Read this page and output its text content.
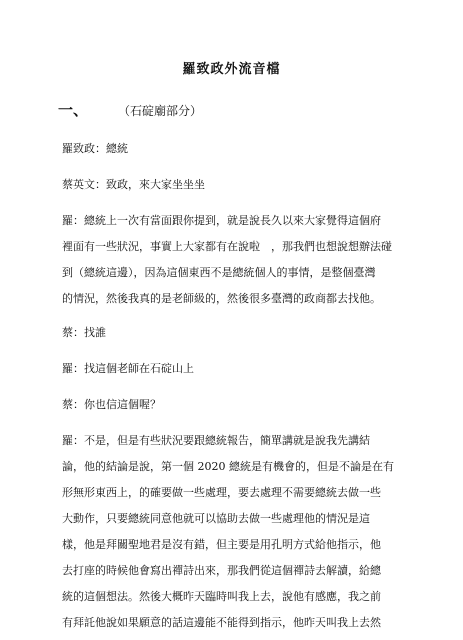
羅致政外流音檔
一、	（石碇廟部分）
羅致政：總統
蔡英文：致政，來大家坐坐坐
羅：總統上一次有當面跟你提到，就是說長久以來大家覺得這個府
裡面有一些狀況，事實上大家都有在說啦　，那我們也想說想辦法碰
到（總統這邊），因為這個東西不是總統個人的事情，是整個臺灣
的情況，然後我真的是老師級的，然後很多臺灣的政商都去找他。
蔡：找誰
羅：找這個老師在石碇山上
蔡：你也信這個喔？
羅：不是，但是有些狀況要跟總統報告，簡單講就是說我先講結
論，他的結論是說，第一個 2020 總統是有機會的，但是不論是在有
形無形東西上，的確要做一些處理，要去處理不需要總統去做一些
大動作，只要總統同意他就可以協助去做一些處理他的情況是這
樣，他是拜關聖地君是沒有錯，但主要是用孔明方式給他指示，他
去打座的時候他會寫出禪詩出來，那我們從這個禪詩去解讀，給總
統的這個想法。然後大概昨天臨時叫我上去，說他有感應，我之前
有拜託他說如果願意的話這邊能不能得到指示，他昨天叫我上去然
